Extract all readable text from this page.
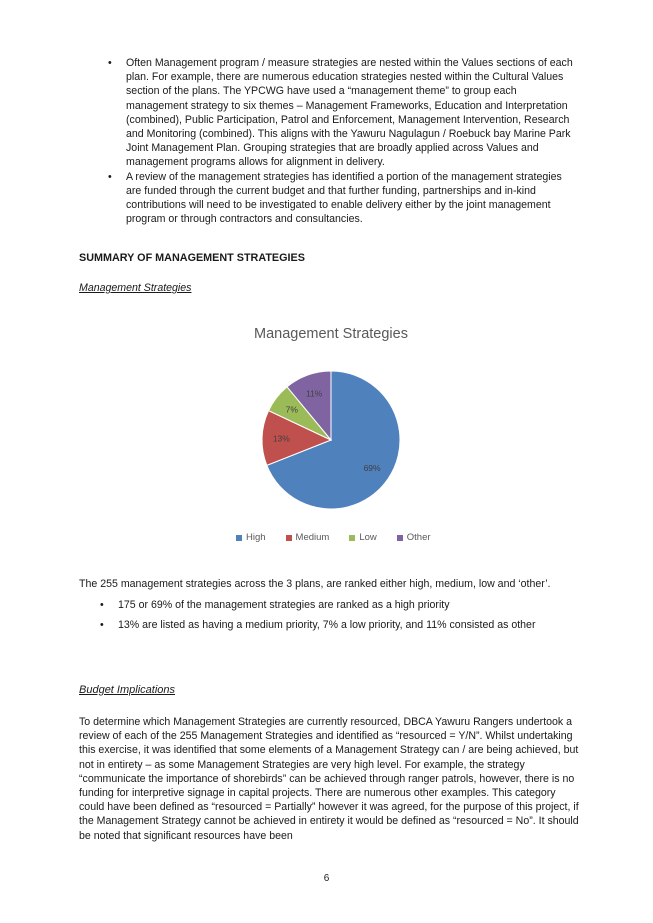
• Often Management program / measure strategies are nested within the Values sections of each plan. For example, there are numerous education strategies nested within the Cultural Values section of the plans. The YPCWG have used a “management theme” to group each management strategy to six themes – Management Frameworks, Education and Interpretation (combined), Public Participation, Patrol and Enforcement, Management Intervention, Research and Monitoring (combined). This aligns with the Yawuru Nagulagun / Roebuck bay Marine Park Joint Management Plan. Grouping strategies that are broadly applied across Values and management programs allows for alignment in delivery.
• A review of the management strategies has identified a portion of the management strategies are funded through the current budget and that further funding, partnerships and in-kind contributions will need to be investigated to enable delivery either by the joint management program or through contractors and consultancies.
SUMMARY OF MANAGEMENT STRATEGIES
Management Strategies
Management Strategies
69%
13%
7%
11%
High	Medium	Low	Other
The 255 management strategies across the 3 plans, are ranked either high, medium, low and ‘other’.
• 175 or 69% of the management strategies are ranked as a high priority
• 13% are listed as having a medium priority, 7% a low priority, and 11% consisted as other
Budget Implications
To determine which Management Strategies are currently resourced, DBCA Yawuru Rangers undertook a review of each of the 255 Management Strategies and identified as “resourced = Y/N”. Whilst undertaking this exercise, it was identified that some elements of a Management Strategy can / are being achieved, but not in entirety – as some Management Strategies are very high level. For example, the strategy “communicate the importance of shorebirds” can be achieved through ranger patrols, however, there is no funding for interpretive signage in capital projects. There are numerous other examples. This category could have been defined as “resourced = Partially” however it was agreed, for the purpose of this project, if the Management Strategy cannot be achieved in entirety it would be defined as “resourced = No”. It should be noted that significant resources have been
6
